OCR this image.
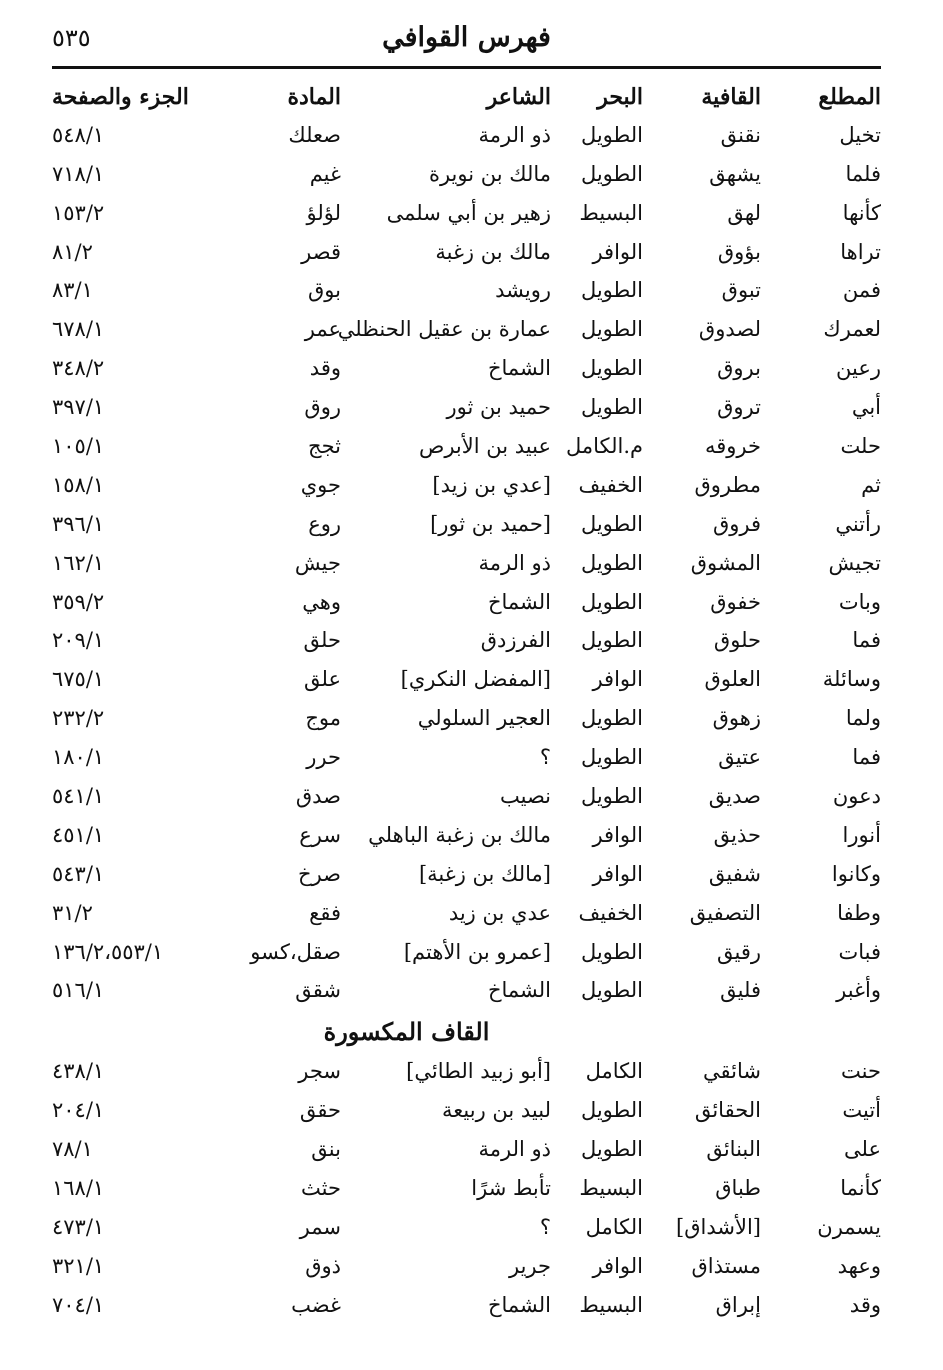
فهرس القوافي
٥٣٥
المطلع
القافية
البحر
الشاعر
المادة
الجزء والصفحة
تخيل
نقنق
الطويل
ذو الرمة
صعلك
٥٤٨/١
فلما
يشهق
الطويل
مالك بن نويرة
غيم
٧١٨/١
كأنها
لهق
البسيط
زهير بن أبي سلمى
لؤلؤ
١٥٣/٢
تراها
بؤوق
الوافر
مالك بن زغبة
قصر
٨١/٢
فمن
تبوق
الطويل
رويشد
بوق
٨٣/١
لعمرك
لصدوق
الطويل
عمارة بن عقيل الحنظلي
عمر
٦٧٨/١
رعين
بروق
الطويل
الشماخ
وقد
٣٤٨/٢
أبي
تروق
الطويل
حميد بن ثور
روق
٣٩٧/١
حلت
خروقه
م.الكامل
عبيد بن الأبرص
ثجج
١٠٥/١
ثم
مطروق
الخفيف
[عدي بن زيد]
جوي
١٥٨/١
رأتني
فروق
الطويل
[حميد بن ثور]
روع
٣٩٦/١
تجيش
المشوق
الطويل
ذو الرمة
جيش
١٦٢/١
وبات
خفوق
الطويل
الشماخ
وهي
٣٥٩/٢
فما
حلوق
الطويل
الفرزدق
حلق
٢٠٩/١
وسائلة
العلوق
الوافر
[المفضل النكري]
علق
٦٧٥/١
ولما
زهوق
الطويل
العجير السلولي
موج
٢٣٢/٢
فما
عتيق
الطويل
؟
حرر
١٨٠/١
دعون
صديق
الطويل
نصيب
صدق
٥٤١/١
أنورا
حذيق
الوافر
مالك بن زغبة الباهلي
سرع
٤٥١/١
وكانوا
شفيق
الوافر
[مالك بن زغبة]
صرخ
٥٤٣/١
وطفا
التصفيق
الخفيف
عدي بن زيد
فقع
٣١/٢
فبات
رقيق
الطويل
[عمرو بن الأهتم]
صقل،كسو
١٣٦/٢،٥٥٣/١
وأغبر
فليق
الطويل
الشماخ
شقق
٥١٦/١
القاف المكسورة
حنت
شائقي
الكامل
[أبو زبيد الطائي]
سجر
٤٣٨/١
أتيت
الحقائق
الطويل
لبيد بن ربيعة
حقق
٢٠٤/١
على
البنائق
الطويل
ذو الرمة
بنق
٧٨/١
كأنما
طباق
البسيط
تأبط شرًا
حثث
١٦٨/١
يسمرن
[الأشداق]
الكامل
؟
سمر
٤٧٣/١
وعهد
مستذاق
الوافر
جرير
ذوق
٣٢١/١
وقد
إبراق
البسيط
الشماخ
غضب
٧٠٤/١
